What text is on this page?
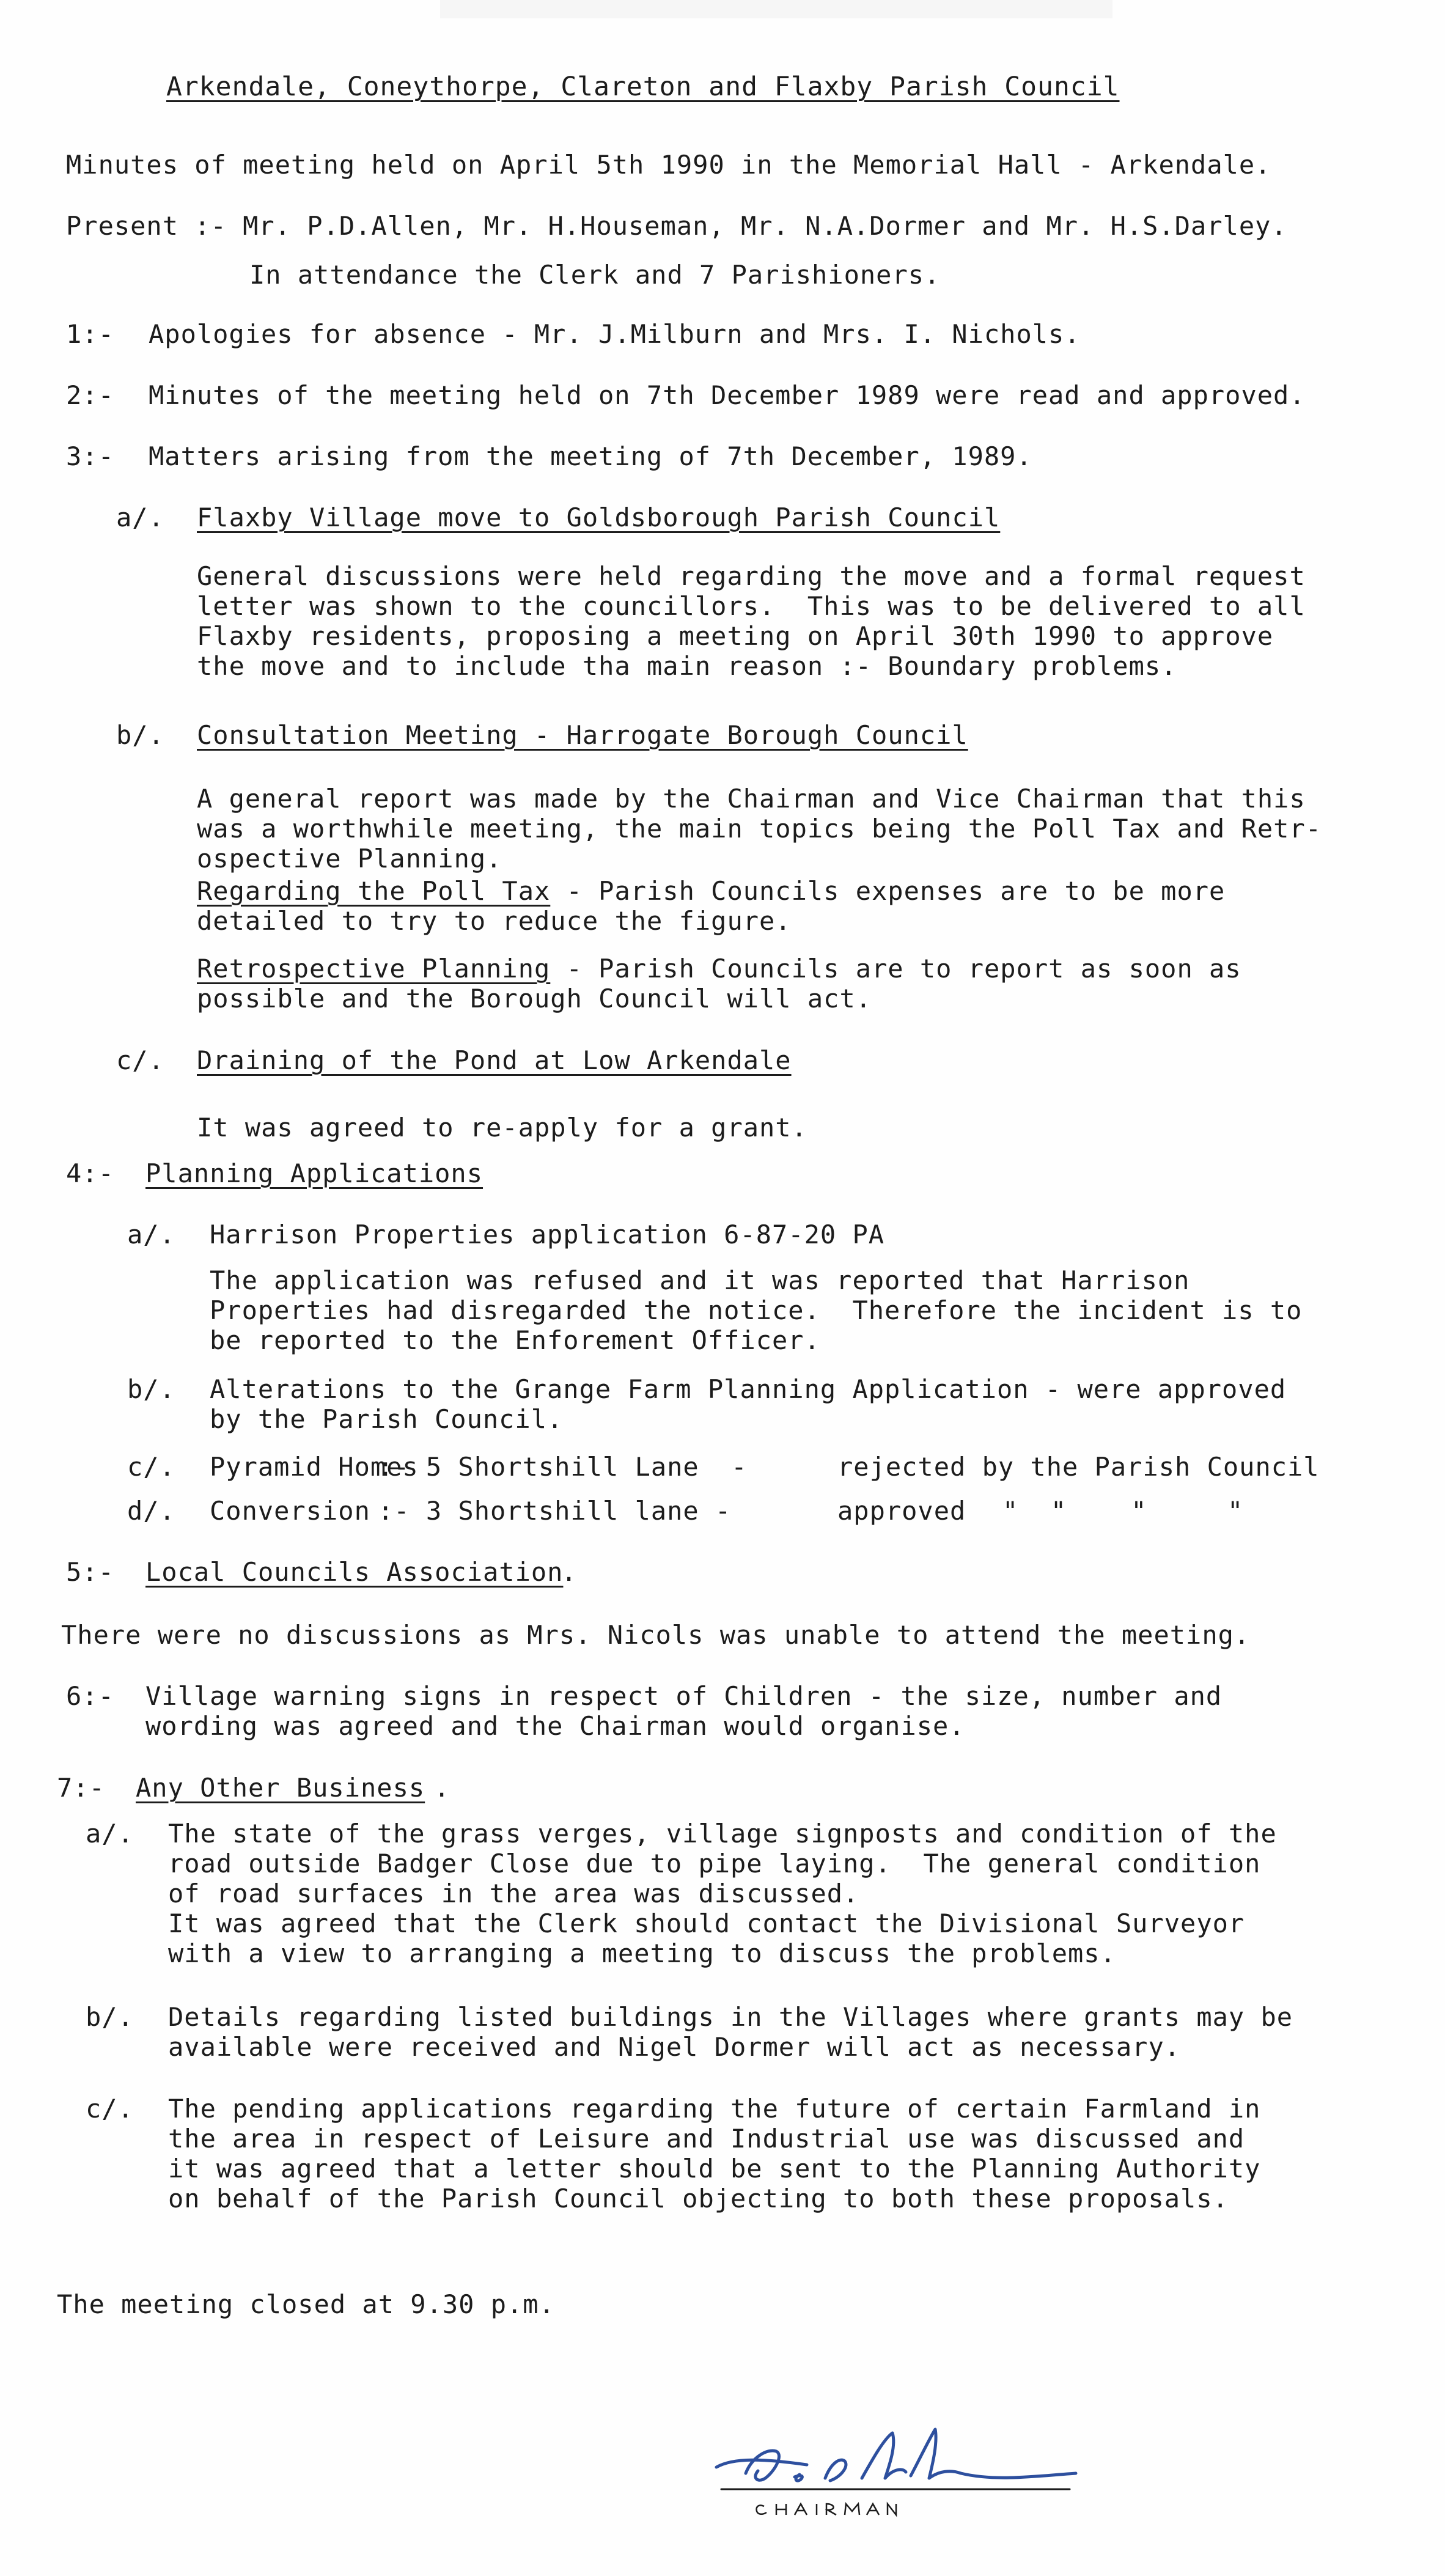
Arkendale, Coneythorpe, Clareton and Flaxby Parish Council
Minutes of meeting held on April 5th 1990 in the Memorial Hall - Arkendale.
Present :- Mr. P.D.Allen, Mr. H.Houseman, Mr. N.A.Dormer and Mr. H.S.Darley.
In attendance the Clerk and 7 Parishioners.
1:- Apologies for absence - Mr. J.Milburn and Mrs. I. Nichols.
2:- Minutes of the meeting held on 7th December 1989 were read and approved.
3:- Matters arising from the meeting of 7th December, 1989.
a/. Flaxby Village move to Goldsborough Parish Council
General discussions were held regarding the move and a formal request
letter was shown to the councillors.  This was to be delivered to all
Flaxby residents, proposing a meeting on April 30th 1990 to approve
the move and to include tha main reason :- Boundary problems.
b/. Consultation Meeting - Harrogate Borough Council
A general report was made by the Chairman and Vice Chairman that this
was a worthwhile meeting, the main topics being the Poll Tax and Retr-
ospective Planning.
Regarding the Poll Tax - Parish Councils expenses are to be more
detailed to try to reduce the figure.
Retrospective Planning - Parish Councils are to report as soon as
possible and the Borough Council will act.
c/. Draining of the Pond at Low Arkendale
It was agreed to re-apply for a grant.
4:- Planning Applications
a/. Harrison Properties application 6-87-20 PA
The application was refused and it was reported that Harrison
Properties had disregarded the notice.  Therefore the incident is to
be reported to the Enforement Officer.
b/. Alterations to the Grange Farm Planning Application - were approved
by the Parish Council.
c/. Pyramid Homes
:- 5 Shortshill Lane  -	rejected by the Parish Council
d/. Conversion :- 3 Shortshill lane -	approved "  "    "     "
5:- Local Councils Association
.
There were no discussions as Mrs. Nicols was unable to attend the meeting.
6:- Village warning signs in respect of Children - the size, number and
wording was agreed and the Chairman would organise.
7:- Any Other Business .
a/. The state of the grass verges, village signposts and condition of the
road outside Badger Close due to pipe laying.  The general condition
of road surfaces in the area was discussed.
It was agreed that the Clerk should contact the Divisional Surveyor
with a view to arranging a meeting to discuss the problems.
b/. Details regarding listed buildings in the Villages where grants may be
available were received and Nigel Dormer will act as necessary.
c/. The pending applications regarding the future of certain Farmland in
the area in respect of Leisure and Industrial use was discussed and
it was agreed that a letter should be sent to the Planning Authority
on behalf of the Parish Council objecting to both these proposals.
The meeting closed at 9.30 p.m.
